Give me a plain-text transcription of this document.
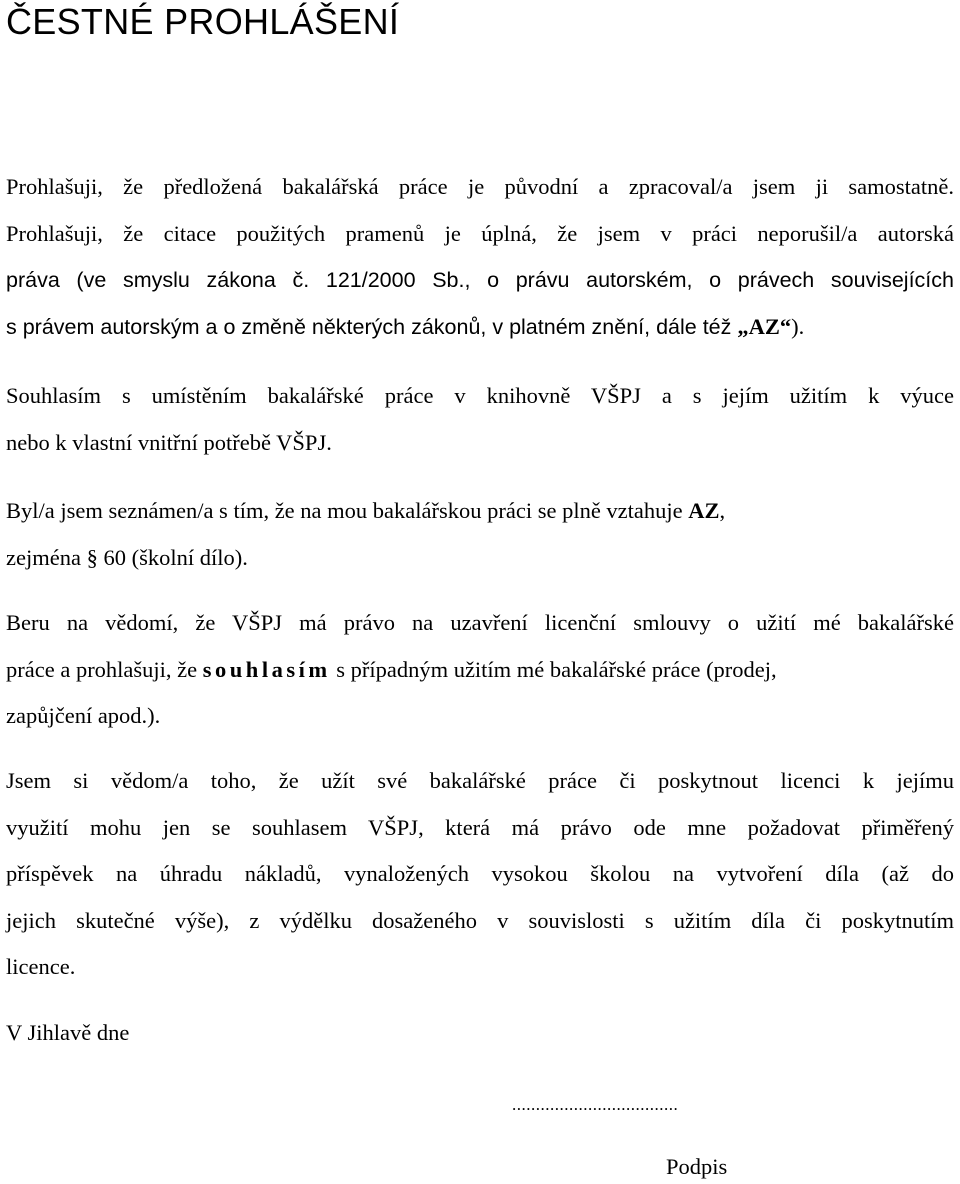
ČESTNÉ PROHLÁŠENÍ
Prohlašuji, že předložená bakalářská práce je původní a zpracoval/a jsem ji samostatně.
Prohlašuji, že citace použitých pramenů je úplná, že jsem v práci neporušil/a autorská
práva (ve smyslu zákona č. 121/2000 Sb., o právu autorském, o právech souvisejících
s právem autorským a o změně některých zákonů, v platném znění, dále též „AZ“).
Souhlasím s umístěním bakalářské práce v knihovně VŠPJ a s jejím užitím k výuce
nebo k vlastní vnitřní potřebě VŠPJ.
Byl/a jsem seznámen/a s tím, že na mou bakalářskou práci se plně vztahuje AZ,
zejména § 60 (školní dílo).
Beru na vědomí, že VŠPJ má právo na uzavření licenční smlouvy o užití mé bakalářské
práce a prohlašuji, že souhlasím s případným užitím mé bakalářské práce (prodej,
zapůjčení apod.).
Jsem si vědom/a toho, že užít své bakalářské práce či poskytnout licenci k jejímu
využití mohu jen se souhlasem VŠPJ, která má právo ode mne požadovat přiměřený
příspěvek na úhradu nákladů, vynaložených vysokou školou na vytvoření díla (až do
jejich skutečné výše), z výdělku dosaženého v souvislosti s užitím díla či poskytnutím
licence.

V Jihlavě dne

...................................

Podpis
